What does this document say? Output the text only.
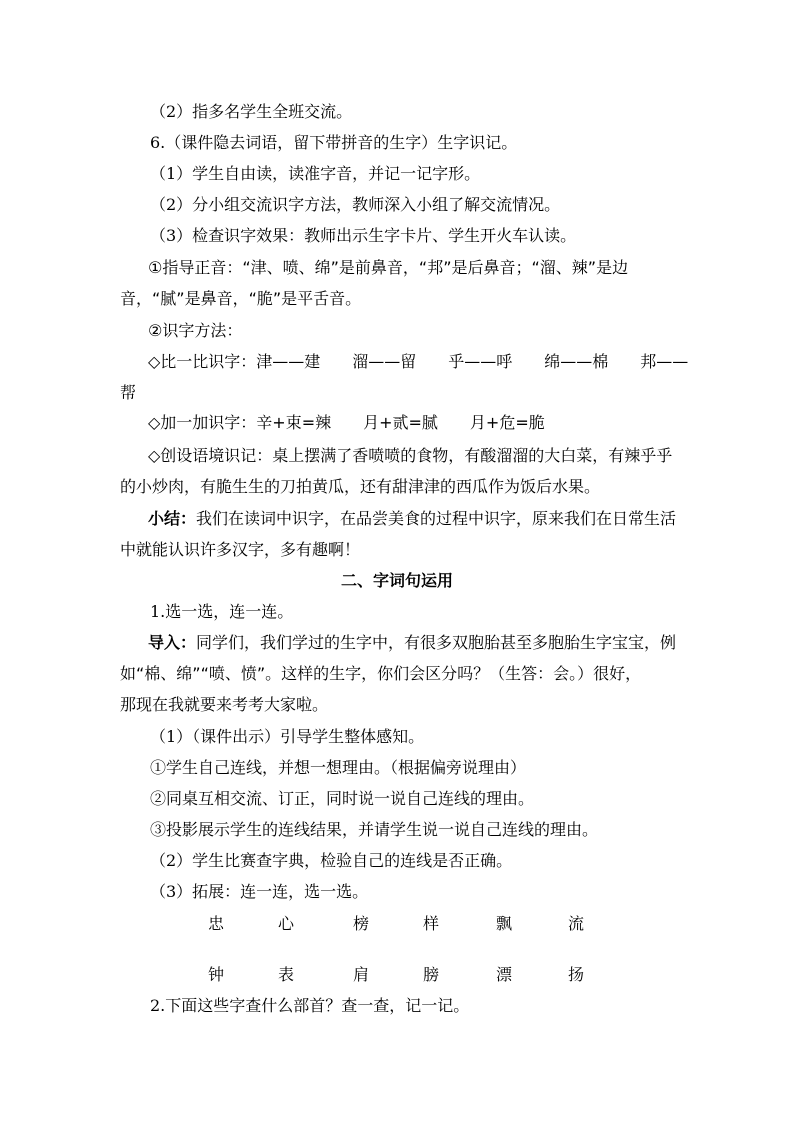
（2）指多名学生全班交流。
6.（课件隐去词语，留下带拼音的生字）生字识记。
（1）学生自由读，读准字音，并记一记字形。
（2）分小组交流识字方法，教师深入小组了解交流情况。
（3）检查识字效果：教师出示生字卡片、学生开火车认读。
①指导正音：“津、喷、绵”是前鼻音，“邦”是后鼻音；“溜、辣”是边
音，“腻”是鼻音，“脆”是平舌音。
②识字方法：
◇比一比识字：津——建　　溜——留　　乎——呼　　绵——棉　　邦——
帮
◇加一加识字：辛+束=辣　　月+贰=腻　　月+危=脆
◇创设语境识记：桌上摆满了香喷喷的食物，有酸溜溜的大白菜，有辣乎乎
的小炒肉，有脆生生的刀拍黄瓜，还有甜津津的西瓜作为饭后水果。
小结：我们在读词中识字，在品尝美食的过程中识字，原来我们在日常生活
中就能认识许多汉字，多有趣啊！
二、字词句运用
1.选一选，连一连。
导入：同学们，我们学过的生字中，有很多双胞胎甚至多胞胎生字宝宝，例
如“棉、绵”“喷、愤”。这样的生字，你们会区分吗？（生答：会。）很好，
那现在我就要来考考大家啦。
（1）（课件出示）引导学生整体感知。
①学生自己连线，并想一想理由。（根据偏旁说理由）
②同桌互相交流、订正，同时说一说自己连线的理由。
③投影展示学生的连线结果，并请学生说一说自己连线的理由。
（2）学生比赛查字典，检验自己的连线是否正确。
（3）拓展：连一连，选一选。
忠	心	榜	样	飘	流
钟	表	肩	膀	漂	扬
2.下面这些字查什么部首？查一查，记一记。
